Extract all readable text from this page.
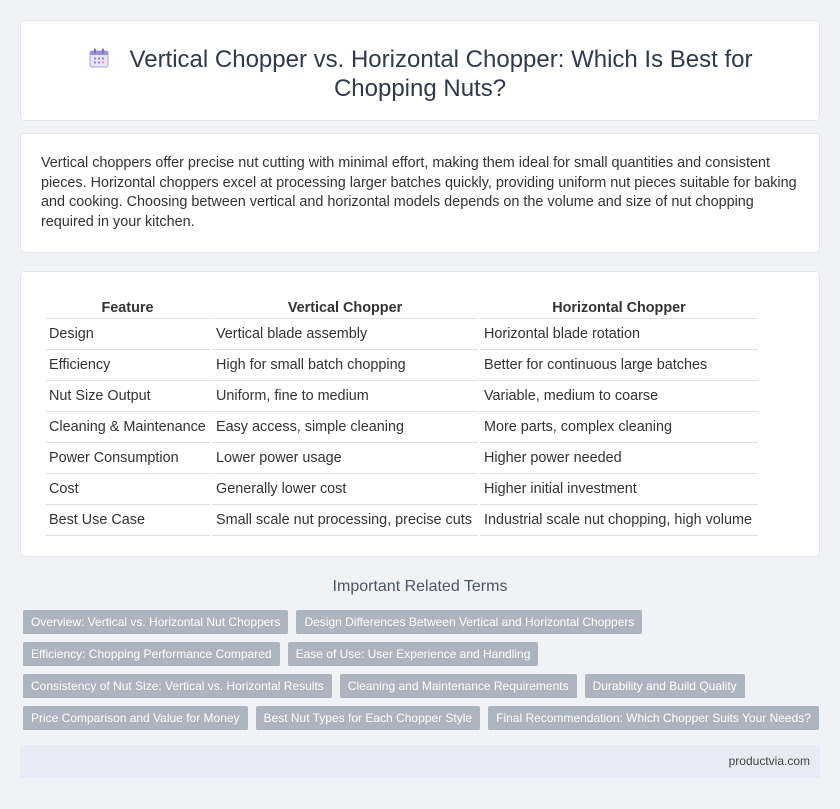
Vertical Chopper vs. Horizontal Chopper: Which Is Best for
Chopping Nuts?

Vertical choppers offer precise nut cutting with minimal effort, making them ideal for small quantities and consistent pieces. Horizontal choppers excel at processing larger batches quickly, providing uniform nut pieces suitable for baking and cooking. Choosing between vertical and horizontal models depends on the volume and size of nut chopping required in your kitchen.

Feature	Vertical Chopper	Horizontal Chopper
Design	Vertical blade assembly	Horizontal blade rotation
Efficiency	High for small batch chopping	Better for continuous large batches
Nut Size Output	Uniform, fine to medium	Variable, medium to coarse
Cleaning & Maintenance	Easy access, simple cleaning	More parts, complex cleaning
Power Consumption	Lower power usage	Higher power needed
Cost	Generally lower cost	Higher initial investment
Best Use Case	Small scale nut processing, precise cuts	Industrial scale nut chopping, high volume
Important Related Terms
Overview: Vertical vs. Horizontal Nut Choppers	Design Differences Between Vertical and Horizontal Choppers
Efficiency: Chopping Performance Compared	Ease of Use: User Experience and Handling
Consistency of Nut Size: Vertical vs. Horizontal Results	Cleaning and Maintenance Requirements	Durability and Build Quality
Price Comparison and Value for Money	Best Nut Types for Each Chopper Style	Final Recommendation: Which Chopper Suits Your Needs?
productvia.com
